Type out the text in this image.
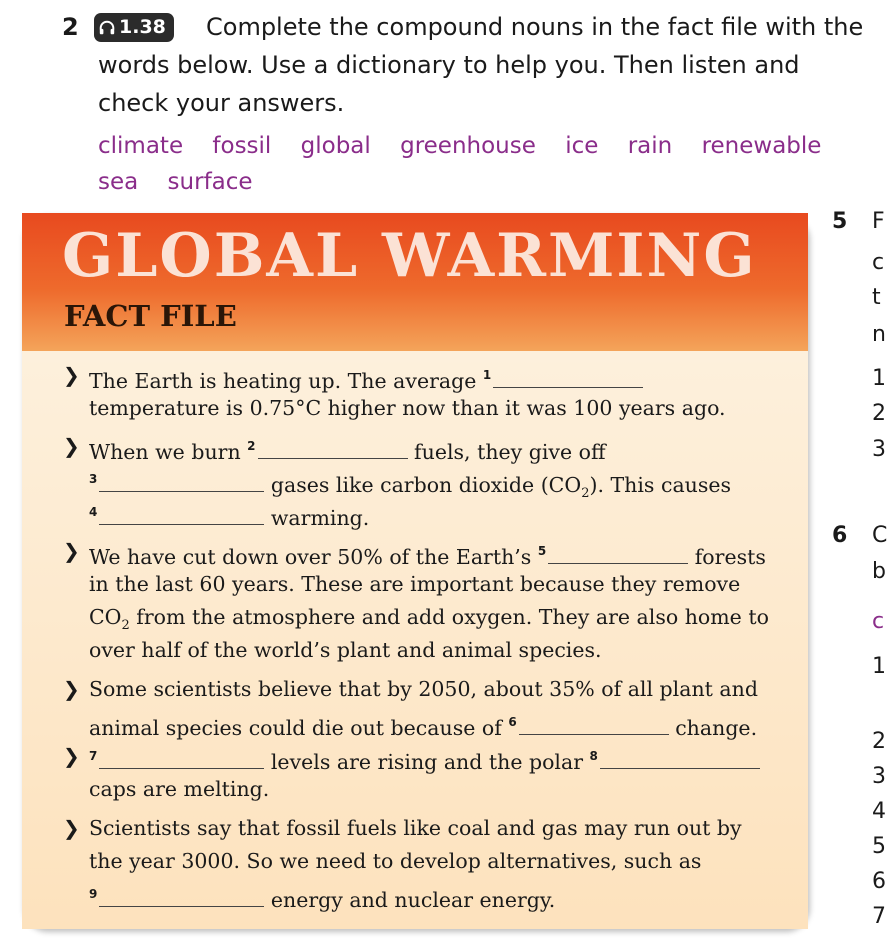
2 1.38	Complete the compound nouns in the fact file with the words below. Use a dictionary to help you. Then listen and check your answers.
climate fossil global greenhouse ice rain renewable sea surface
GLOBAL WARMING
FACT FILE
❯ The Earth is heating up. The average $^1$
temperature is 0.75°C higher now than it was 100 years ago.
❯ When we burn $^2$	fuels, they give off
$^3$	gases like carbon dioxide $(CO_2)$. This causes
$^4$	warming.
❯ We have cut down over 50% of the Earth’s $^5$	forests
in the last 60 years. These are important because they remove
$CO_2$ from the atmosphere and add oxygen. They are also home to
over half of the world’s plant and animal species.
❯ Some scientists believe that by 2050, about 35% of all plant and
animal species could die out because of $^6$	change.
❯ $^7$	levels are rising and the polar $^8$
caps are melting.
❯ Scientists say that fossil fuels like coal and gas may run out by
the year 3000. So we need to develop alternatives, such as
$^9$	energy and nuclear energy.
5 F
c
t
n
1
2
3
6 C
b
c
1
2
3
4
5
6
7
